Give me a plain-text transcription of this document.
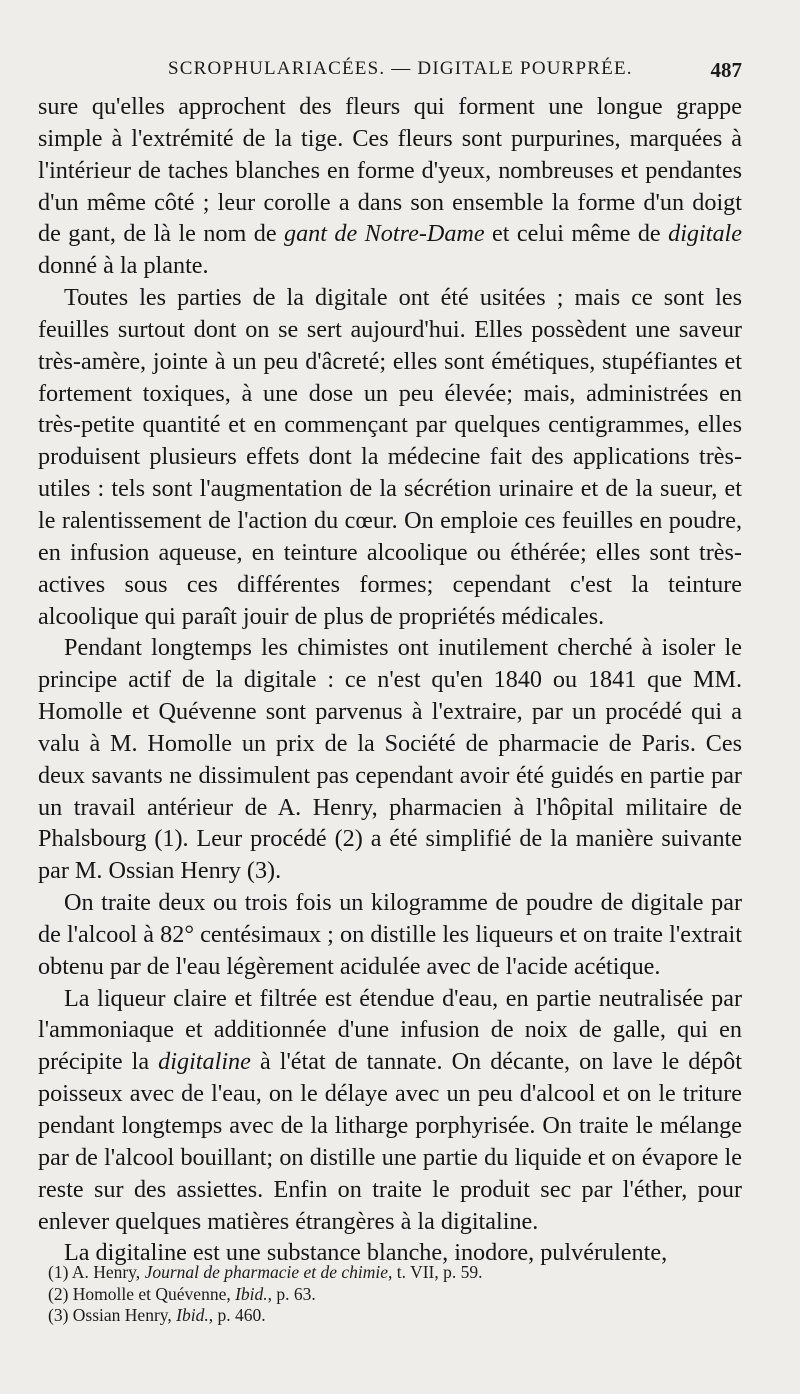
SCROPHULARIACÉES. — DIGITALE POURPRÉE.	487

sure qu'elles approchent des fleurs qui forment une longue grappe simple à l'extrémité de la tige. Ces fleurs sont purpurines, marquées à l'intérieur de taches blanches en forme d'yeux, nombreuses et pendantes d'un même côté ; leur corolle a dans son ensemble la forme d'un doigt de gant, de là le nom de gant de Notre-Dame et celui même de digitale donné à la plante.

Toutes les parties de la digitale ont été usitées ; mais ce sont les feuilles surtout dont on se sert aujourd'hui. Elles possèdent une saveur très-amère, jointe à un peu d'âcreté; elles sont émétiques, stupéfiantes et fortement toxiques, à une dose un peu élevée; mais, administrées en très-petite quantité et en commençant par quelques centigrammes, elles produisent plusieurs effets dont la médecine fait des applications très-utiles : tels sont l'augmentation de la sécrétion urinaire et de la sueur, et le ralentissement de l'action du cœur. On emploie ces feuilles en poudre, en infusion aqueuse, en teinture alcoolique ou éthérée; elles sont très-actives sous ces différentes formes; cependant c'est la teinture alcoolique qui paraît jouir de plus de propriétés médicales.

Pendant longtemps les chimistes ont inutilement cherché à isoler le principe actif de la digitale : ce n'est qu'en 1840 ou 1841 que MM. Homolle et Quévenne sont parvenus à l'extraire, par un procédé qui a valu à M. Homolle un prix de la Société de pharmacie de Paris. Ces deux savants ne dissimulent pas cependant avoir été guidés en partie par un travail antérieur de A. Henry, pharmacien à l'hôpital militaire de Phalsbourg (1). Leur procédé (2) a été simplifié de la manière suivante par M. Ossian Henry (3).

On traite deux ou trois fois un kilogramme de poudre de digitale par de l'alcool à 82° centésimaux ; on distille les liqueurs et on traite l'extrait obtenu par de l'eau légèrement acidulée avec de l'acide acétique.

La liqueur claire et filtrée est étendue d'eau, en partie neutralisée par l'ammoniaque et additionnée d'une infusion de noix de galle, qui en précipite la digitaline à l'état de tannate. On décante, on lave le dépôt poisseux avec de l'eau, on le délaye avec un peu d'alcool et on le triture pendant longtemps avec de la litharge porphyrisée. On traite le mélange par de l'alcool bouillant; on distille une partie du liquide et on évapore le reste sur des assiettes. Enfin on traite le produit sec par l'éther, pour enlever quelques matières étrangères à la digitaline.

La digitaline est une substance blanche, inodore, pulvérulente,

(1) A. Henry, Journal de pharmacie et de chimie, t. VII, p. 59.
(2) Homolle et Quévenne, Ibid., p. 63.
(3) Ossian Henry, Ibid., p. 460.
